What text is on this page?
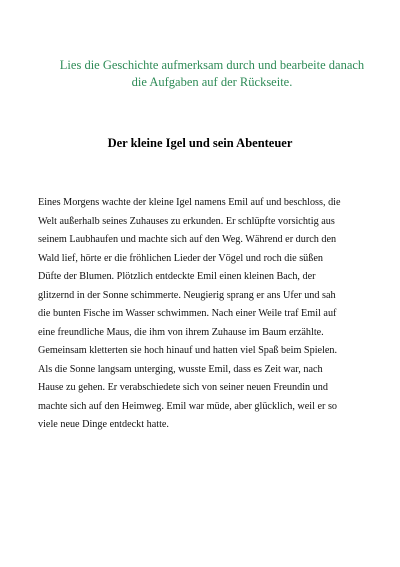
Lies die Geschichte aufmerksam durch und bearbeite danach
die Aufgaben auf der Rückseite.
Der kleine Igel und sein Abenteuer
Eines Morgens wachte der kleine Igel namens Emil auf und beschloss, die
Welt außerhalb seines Zuhauses zu erkunden. Er schlüpfte vorsichtig aus
seinem Laubhaufen und machte sich auf den Weg. Während er durch den
Wald lief, hörte er die fröhlichen Lieder der Vögel und roch die süßen
Düfte der Blumen. Plötzlich entdeckte Emil einen kleinen Bach, der
glitzernd in der Sonne schimmerte. Neugierig sprang er ans Ufer und sah
die bunten Fische im Wasser schwimmen. Nach einer Weile traf Emil auf
eine freundliche Maus, die ihm von ihrem Zuhause im Baum erzählte.
Gemeinsam kletterten sie hoch hinauf und hatten viel Spaß beim Spielen.
Als die Sonne langsam unterging, wusste Emil, dass es Zeit war, nach
Hause zu gehen. Er verabschiedete sich von seiner neuen Freundin und
machte sich auf den Heimweg. Emil war müde, aber glücklich, weil er so
viele neue Dinge entdeckt hatte.
